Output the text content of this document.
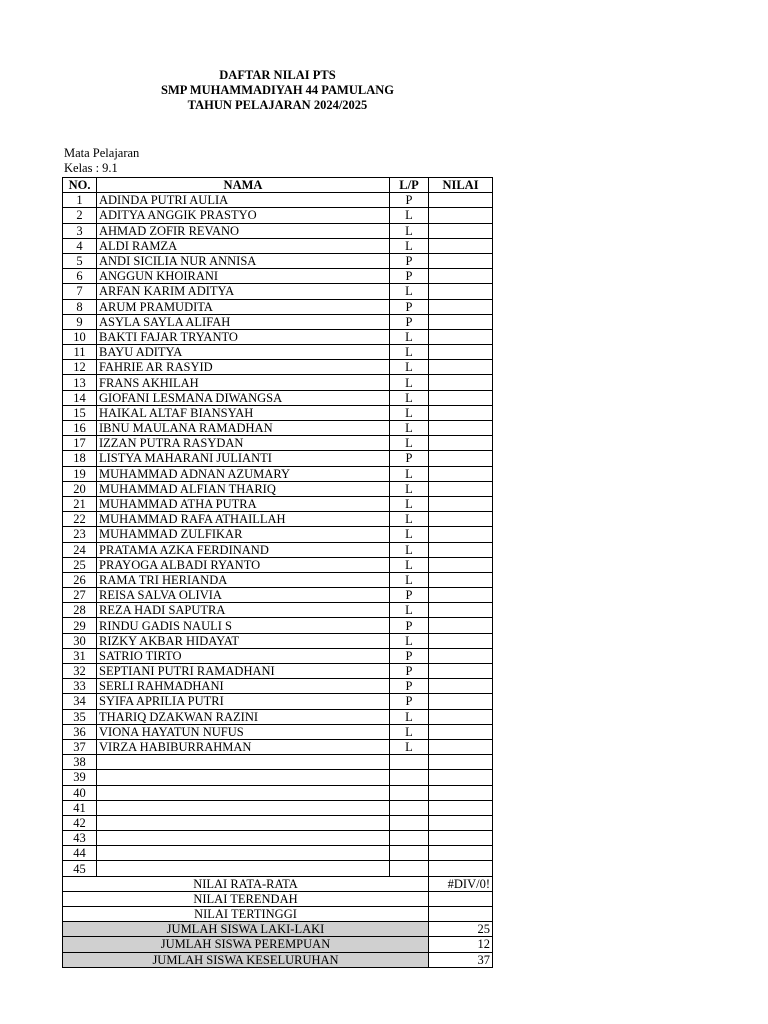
DAFTAR NILAI PTS
SMP MUHAMMADIYAH 44 PAMULANG
TAHUN PELAJARAN 2024/2025
Mata Pelajaran
Kelas : 9.1
NO.	NAMA	L/P	NILAI
1	ADINDA PUTRI AULIA	P	
2	ADITYA ANGGIK PRASTYO	L	
3	AHMAD ZOFIR REVANO	L	
4	ALDI RAMZA	L	
5	ANDI SICILIA NUR ANNISA	P	
6	ANGGUN KHOIRANI	P	
7	ARFAN KARIM ADITYA	L	
8	ARUM PRAMUDITA	P	
9	ASYLA SAYLA ALIFAH	P	
10	BAKTI FAJAR TRYANTO	L	
11	BAYU ADITYA	L	
12	FAHRIE AR RASYID	L	
13	FRANS AKHILAH	L	
14	GIOFANI LESMANA DIWANGSA	L	
15	HAIKAL ALTAF BIANSYAH	L	
16	IBNU MAULANA RAMADHAN	L	
17	IZZAN PUTRA RASYDAN	L	
18	LISTYA MAHARANI JULIANTI	P	
19	MUHAMMAD ADNAN AZUMARY	L	
20	MUHAMMAD ALFIAN THARIQ	L	
21	MUHAMMAD ATHA PUTRA	L	
22	MUHAMMAD RAFA ATHAILLAH	L	
23	MUHAMMAD ZULFIKAR	L	
24	PRATAMA AZKA FERDINAND	L	
25	PRAYOGA ALBADI RYANTO	L	
26	RAMA TRI HERIANDA	L	
27	REISA SALVA OLIVIA	P	
28	REZA HADI SAPUTRA	L	
29	RINDU GADIS NAULI S	P	
30	RIZKY AKBAR HIDAYAT	L	
31	SATRIO TIRTO	P	
32	SEPTIANI PUTRI RAMADHANI	P	
33	SERLI RAHMADHANI	P	
34	SYIFA APRILIA PUTRI	P	
35	THARIQ DZAKWAN RAZINI	L	
36	VIONA HAYATUN NUFUS	L	
37	VIRZA HABIBURRAHMAN	L	
38			
39			
40			
41			
42			
43			
44			
45			
NILAI RATA-RATA			#DIV/0!
NILAI TERENDAH			
NILAI TERTINGGI			
JUMLAH SISWA LAKI-LAKI			25
JUMLAH SISWA PEREMPUAN			12
JUMLAH SISWA KESELURUHAN			37
